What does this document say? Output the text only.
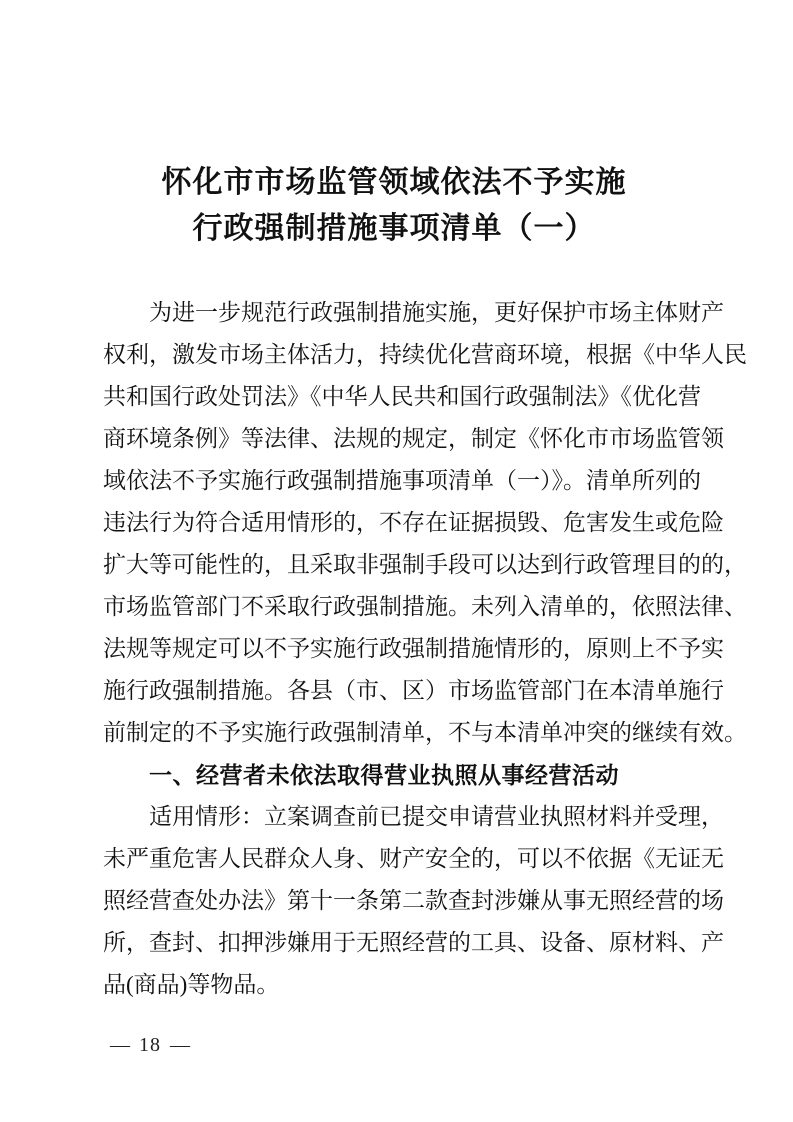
怀化市市场监管领域依法不予实施
行政强制措施事项清单（一）
为进一步规范行政强制措施实施，更好保护市场主体财产
权利，激发市场主体活力，持续优化营商环境，根据《中华人民
共和国行政处罚法》《中华人民共和国行政强制法》《优化营
商环境条例》等法律、法规的规定，制定《怀化市市场监管领
域依法不予实施行政强制措施事项清单（一）》。清单所列的
违法行为符合适用情形的，不存在证据损毁、危害发生或危险
扩大等可能性的，且采取非强制手段可以达到行政管理目的的，
市场监管部门不采取行政强制措施。未列入清单的，依照法律、
法规等规定可以不予实施行政强制措施情形的，原则上不予实
施行政强制措施。各县（市、区）市场监管部门在本清单施行
前制定的不予实施行政强制清单，不与本清单冲突的继续有效。
一、经营者未依法取得营业执照从事经营活动
适用情形：立案调查前已提交申请营业执照材料并受理，
未严重危害人民群众人身、财产安全的，可以不依据《无证无
照经营查处办法》第十一条第二款查封涉嫌从事无照经营的场
所，查封、扣押涉嫌用于无照经营的工具、设备、原材料、产
品(商品)等物品。
— 18 —
